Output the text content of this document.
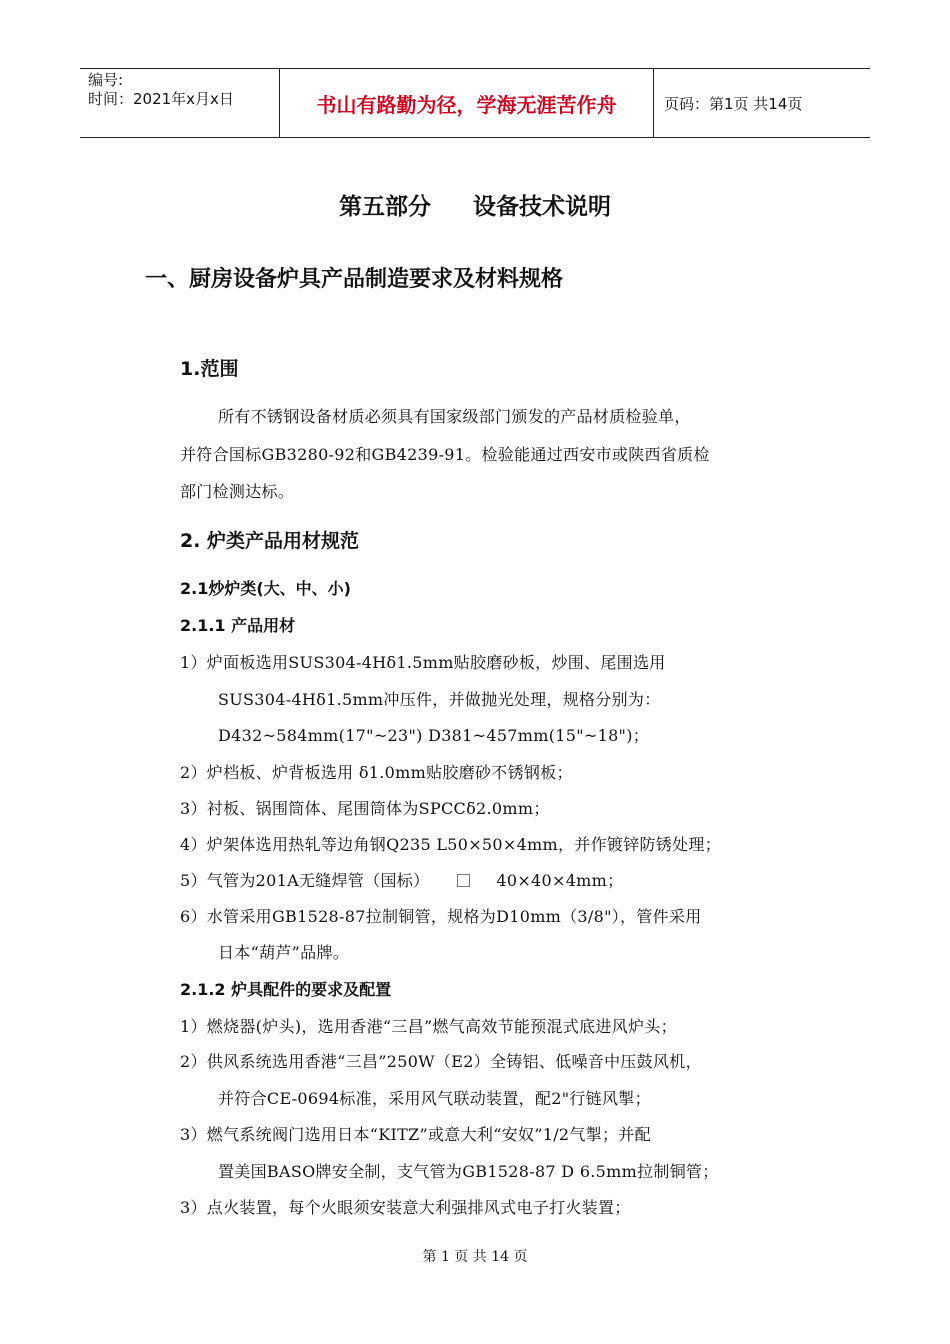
编号:
时间：2021年x月x日	书山有路勤为径，学海无涯苦作舟	页码：第1页 共14页
第五部分 设备技术说明
一、厨房设备炉具产品制造要求及材料规格
1.范围
所有不锈钢设备材质必须具有国家级部门颁发的产品材质检验单，
并符合国标GB3280-92和GB4239-91。检验能通过西安市或陕西省质检
部门检测达标。
2. 炉类产品用材规范
2.1炒炉类(大、中、小)
2.1.1 产品用材
1）炉面板选用SUS304-4Hδ1.5mm贴胶磨砂板，炒围、尾围选用
SUS304-4Hδ1.5mm冲压件，并做抛光处理，规格分别为：
D432~584mm(17"~23") D381~457mm(15"~18")；
2）炉档板、炉背板选用 δ1.0mm贴胶磨砂不锈钢板；
3）衬板、锅围筒体、尾围筒体为SPCCδ2.0mm；
4）炉架体选用热轧等边角钢Q235 L50×50×4mm，并作镀锌防锈处理；
5）气管为201A无缝焊管（国标）	40×40×4mm；
6）水管采用GB1528-87拉制铜管，规格为D10mm（3/8"），管件采用
日本“葫芦”品牌。
2.1.2 炉具配件的要求及配置
1）燃烧器(炉头)，选用香港“三昌”燃气高效节能预混式底进风炉头；
2）供风系统选用香港“三昌”250W（E2）全铸铝、低噪音中压鼓风机，
并符合CE-0694标准，采用风气联动装置，配2"行链风掣；
3）燃气系统阀门选用日本“KITZ”或意大利“安奴”1/2气掣；并配
置美国BASO牌安全制，支气管为GB1528-87 D 6.5mm拉制铜管；
3）点火装置，每个火眼须安装意大利强排风式电子打火装置；
第 1 页 共 14 页
